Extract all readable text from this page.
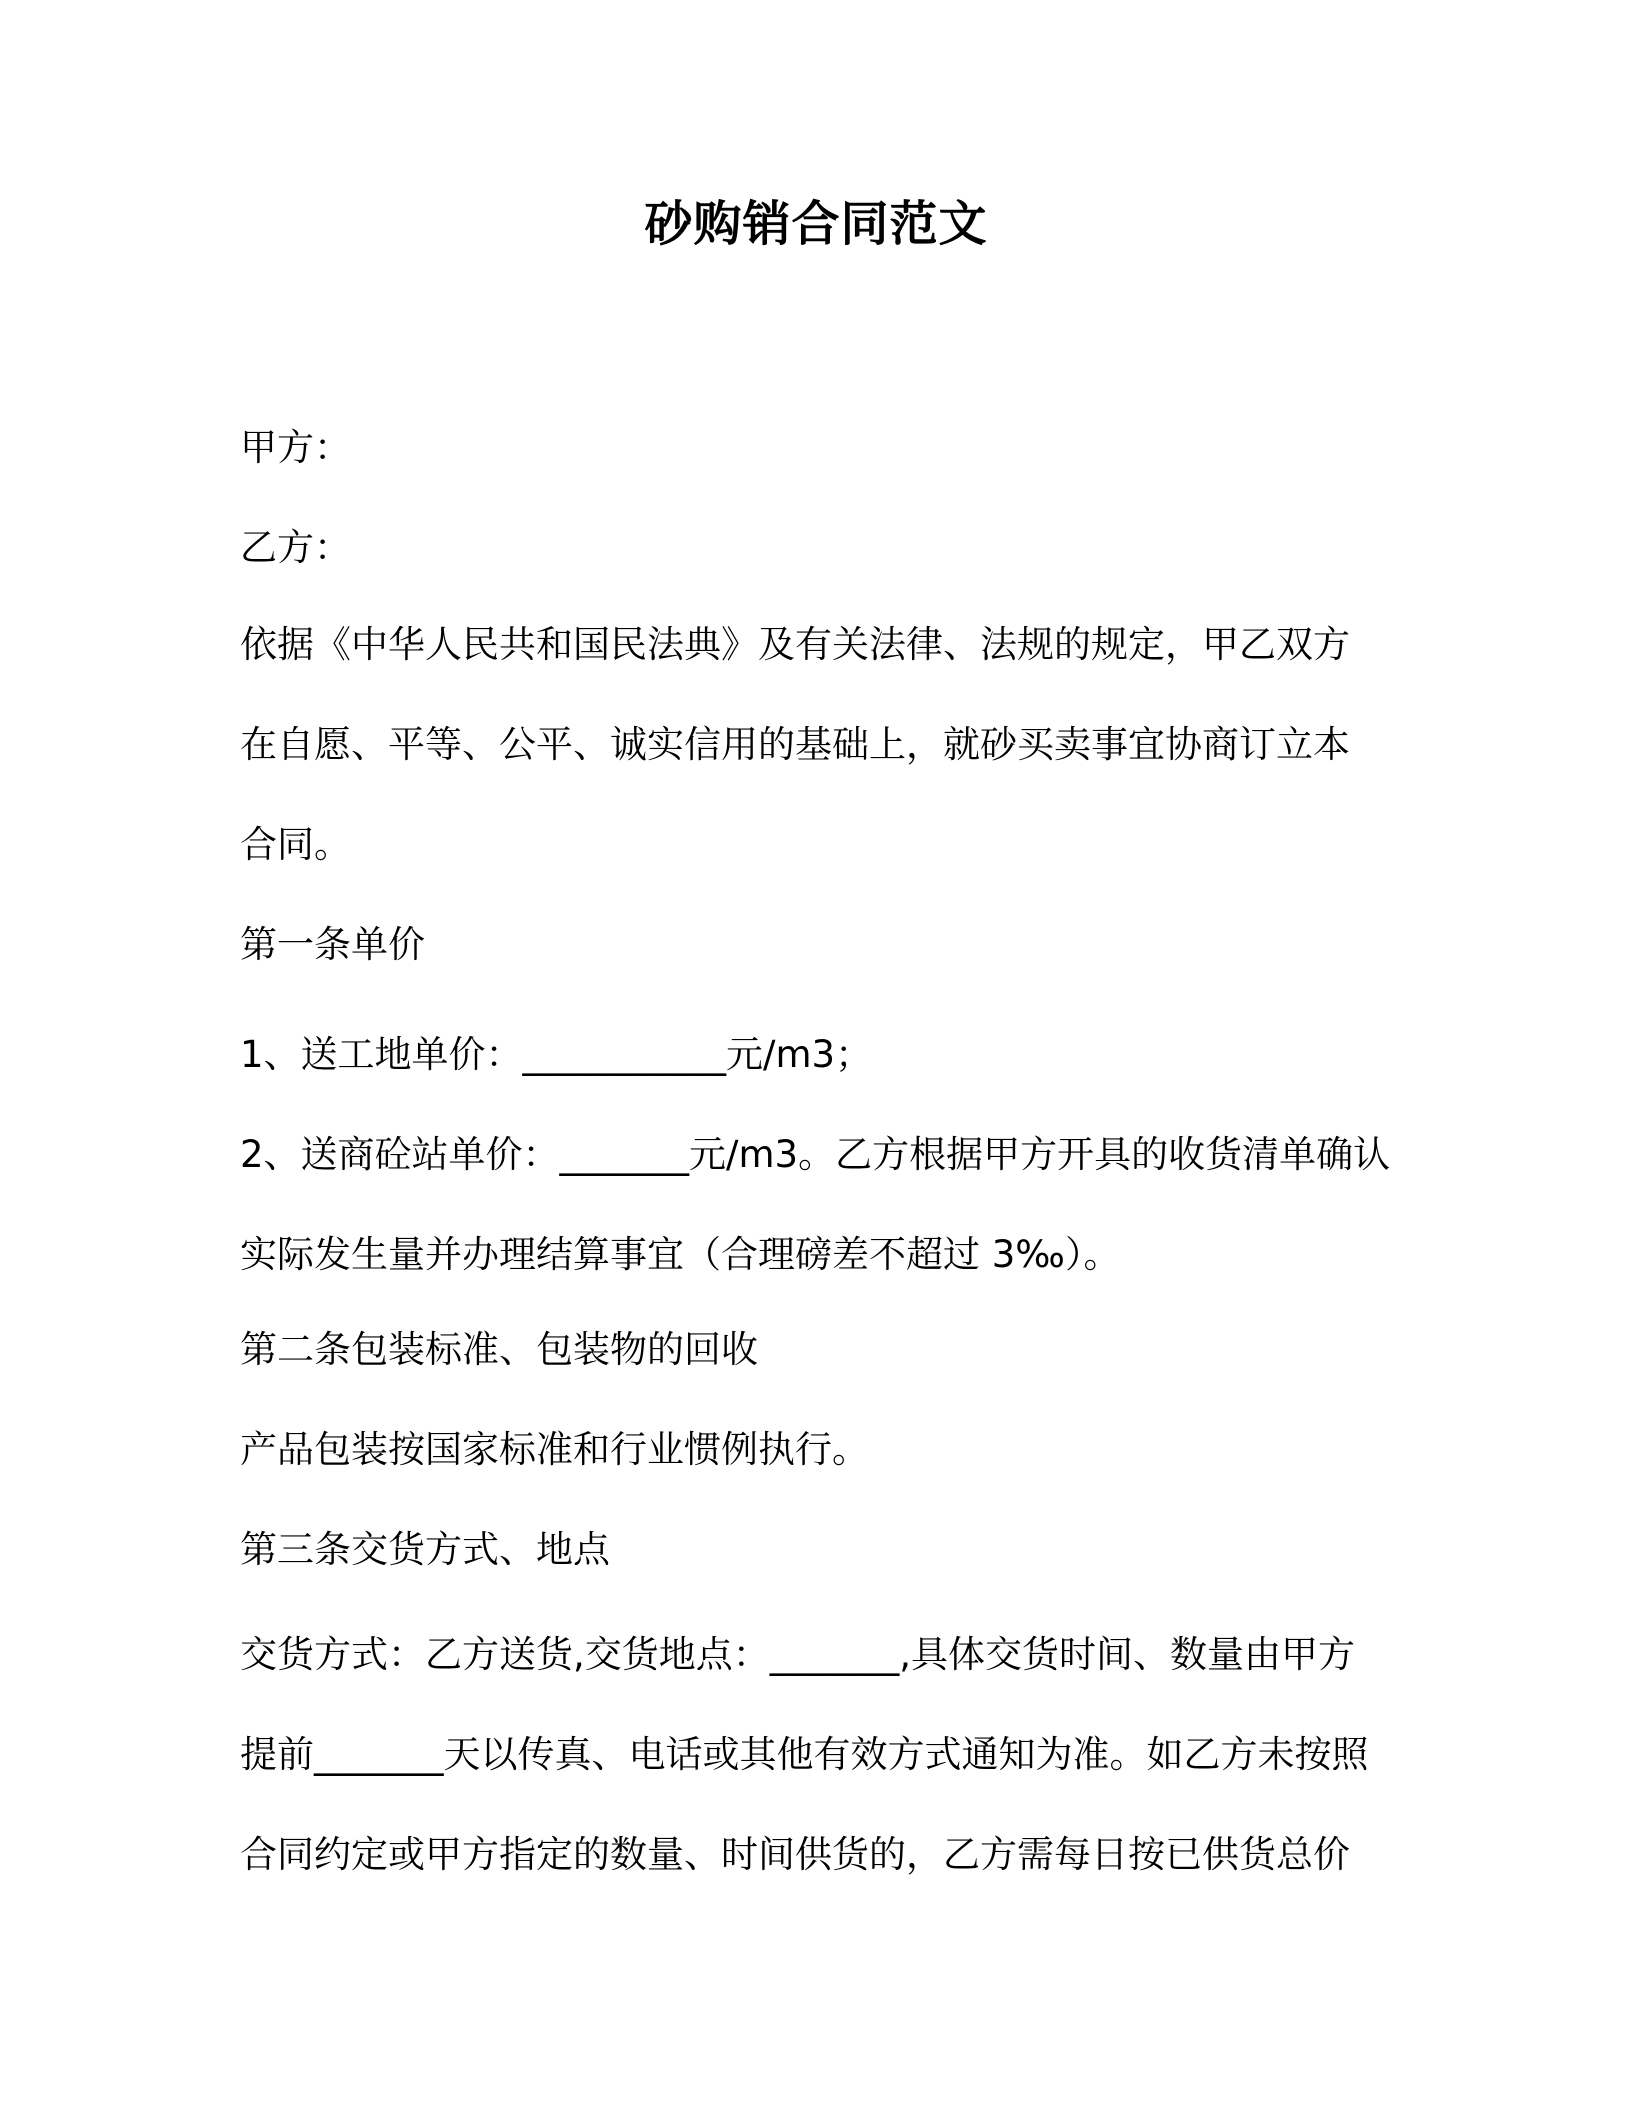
砂购销合同范文
甲方：
乙方：
依据《中华人民共和国民法典》及有关法律、法规的规定，甲乙双方
在自愿、平等、公平、诚实信用的基础上，就砂买卖事宜协商订立本
合同。
第一条单价
1、送工地单价：___________元/m3；
2、送商砼站单价：_______元/m3。乙方根据甲方开具的收货清单确认
实际发生量并办理结算事宜（合理磅差不超过 3‰）。
第二条包装标准、包装物的回收
产品包装按国家标准和行业惯例执行。
第三条交货方式、地点
交货方式：乙方送货,交货地点：_______,具体交货时间、数量由甲方
提前_______天以传真、电话或其他有效方式通知为准。如乙方未按照
合同约定或甲方指定的数量、时间供货的，乙方需每日按已供货总价
